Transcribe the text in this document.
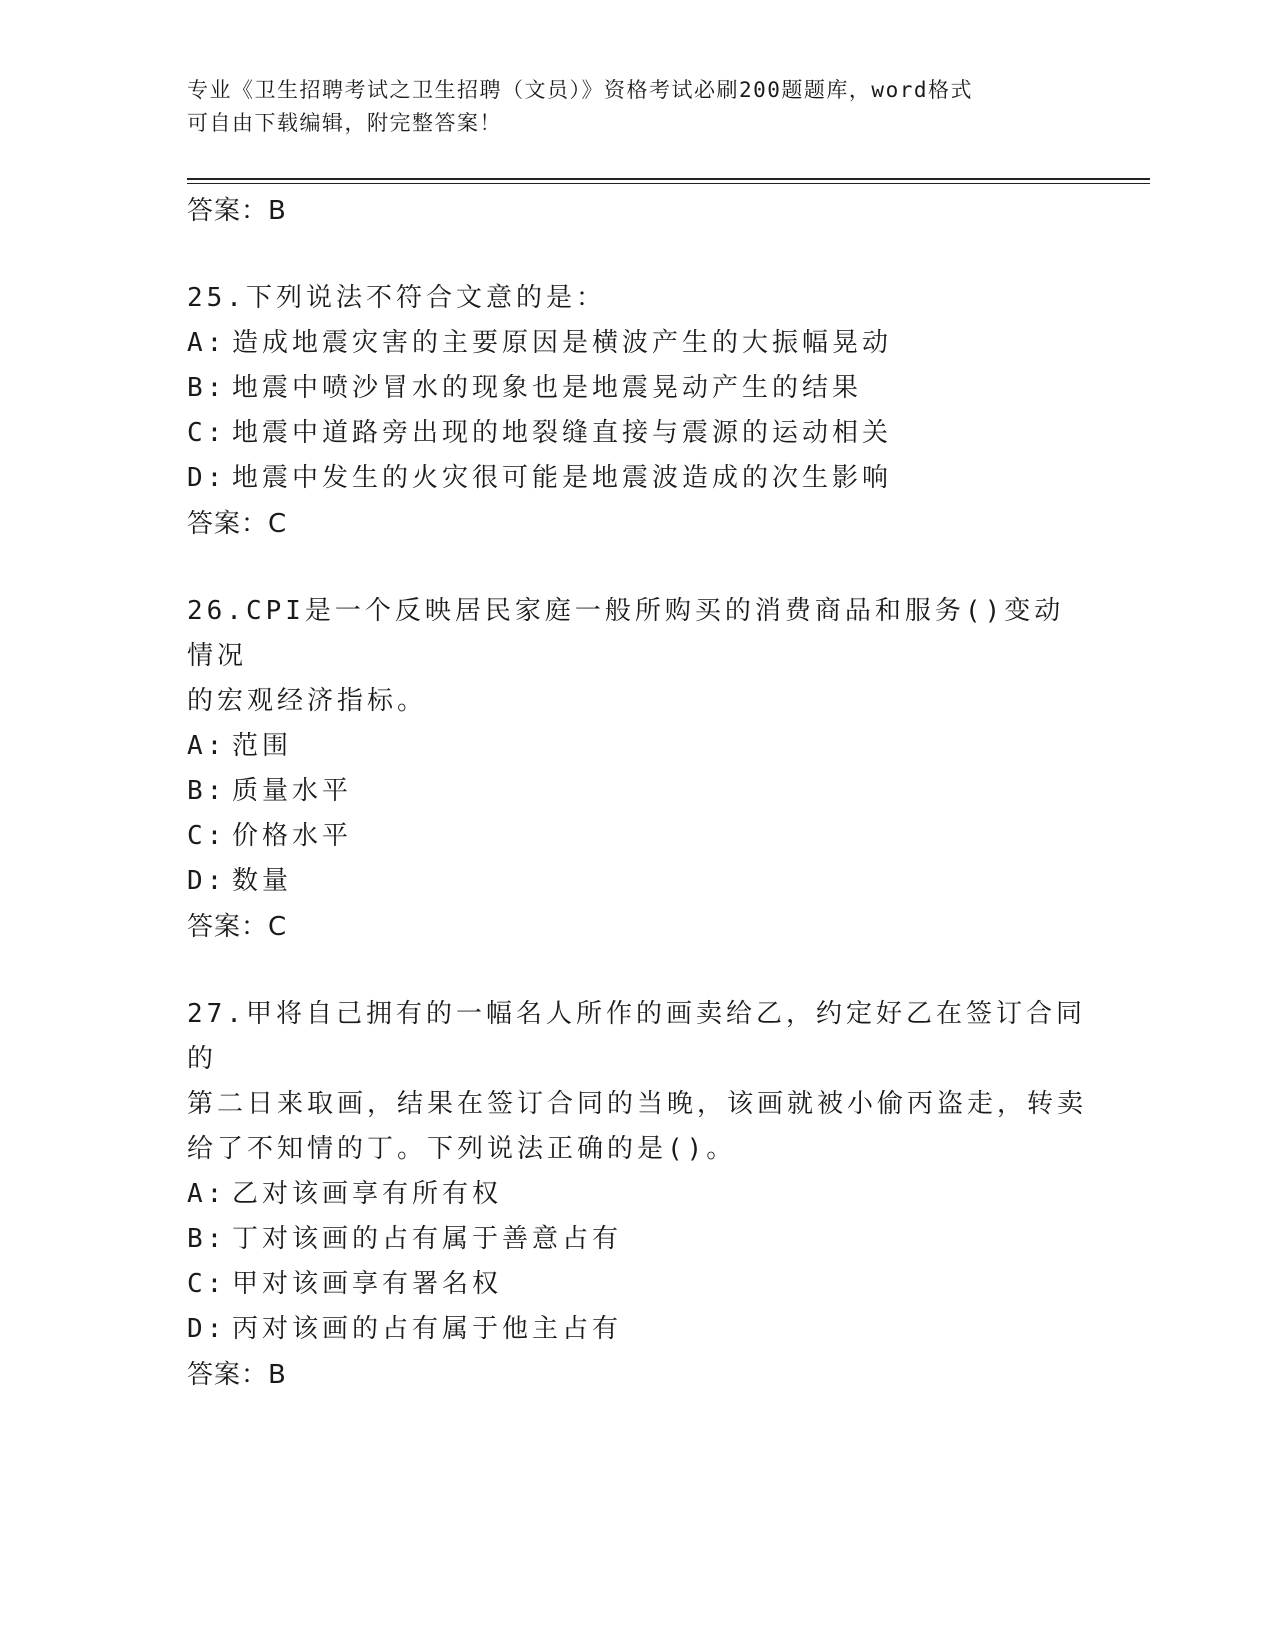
专业《卫生招聘考试之卫生招聘（文员）》资格考试必刷200题题库，word格式
可自由下载编辑，附完整答案！
答案：B
25.下列说法不符合文意的是：
A: 造成地震灾害的主要原因是横波产生的大振幅晃动
B: 地震中喷沙冒水的现象也是地震晃动产生的结果
C: 地震中道路旁出现的地裂缝直接与震源的运动相关
D: 地震中发生的火灾很可能是地震波造成的次生影响
答案：C
26.CPI是一个反映居民家庭一般所购买的消费商品和服务()变动情况
的宏观经济指标。
A: 范围
B: 质量水平
C: 价格水平
D: 数量
答案：C
27.甲将自己拥有的一幅名人所作的画卖给乙，约定好乙在签订合同的
第二日来取画，结果在签订合同的当晚，该画就被小偷丙盗走，转卖
给了不知情的丁。下列说法正确的是()。
A: 乙对该画享有所有权
B: 丁对该画的占有属于善意占有
C: 甲对该画享有署名权
D: 丙对该画的占有属于他主占有
答案：B
